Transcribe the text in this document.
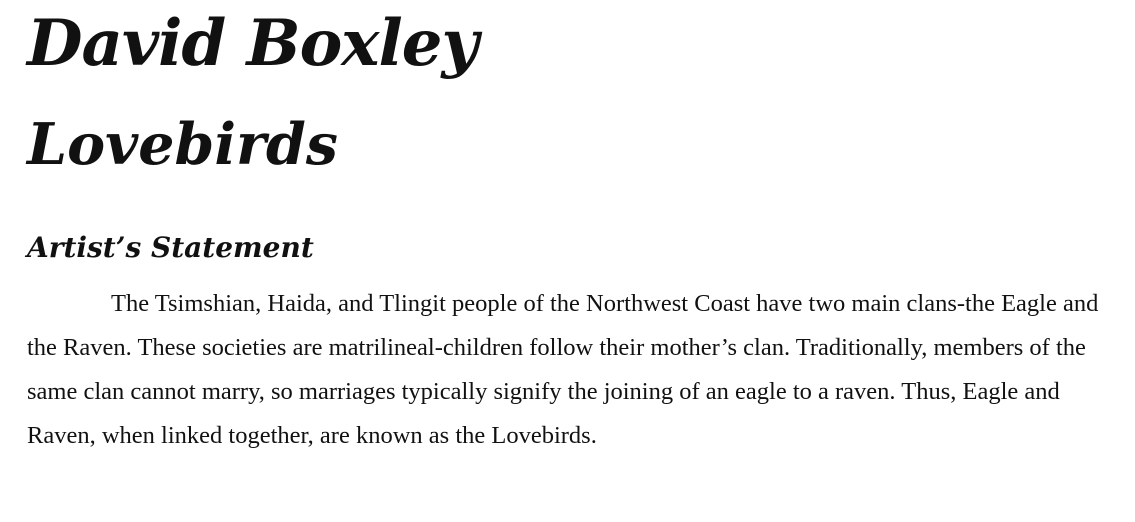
David Boxley
Lovebirds
Artist’s Statement

The Tsimshian, Haida, and Tlingit people of the Northwest Coast have two main clans-the Eagle and the Raven. These societies are matrilineal-children follow their mother’s clan. Traditionally, members of the same clan cannot marry, so marriages typically signify the joining of an eagle to a raven. Thus, Eagle and Raven, when linked together, are known as the Lovebirds.
